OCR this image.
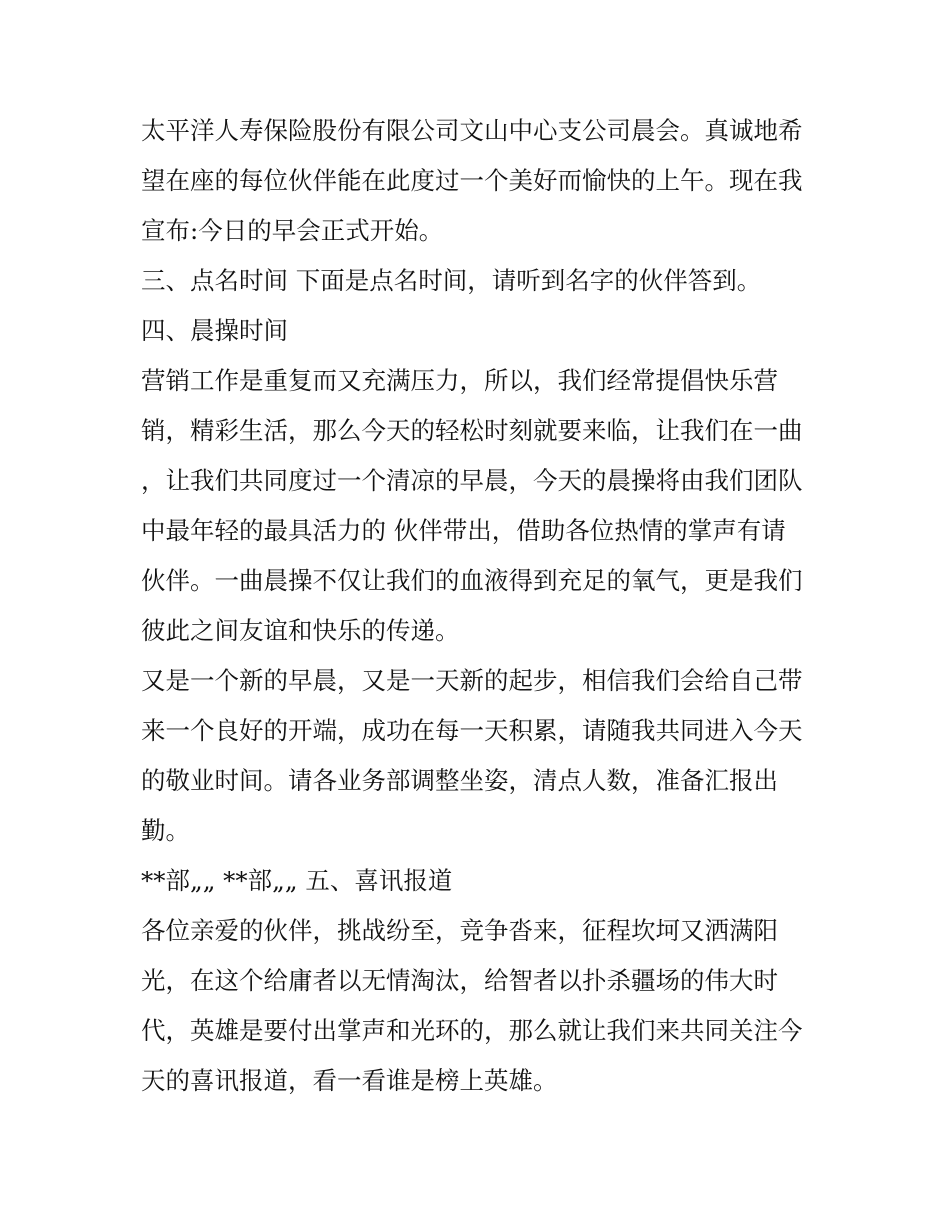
太平洋人寿保险股份有限公司文山中心支公司晨会。真诚地希
望在座的每位伙伴能在此度过一个美好而愉快的上午。现在我
宣布:今日的早会正式开始。
三、点名时间 下面是点名时间，请听到名字的伙伴答到。
四、晨操时间
营销工作是重复而又充满压力，所以，我们经常提倡快乐营
销，精彩生活，那么今天的轻松时刻就要来临，让我们在一曲
，让我们共同度过一个清凉的早晨，今天的晨操将由我们团队
中最年轻的最具活力的 伙伴带出，借助各位热情的掌声有请
伙伴。一曲晨操不仅让我们的血液得到充足的氧气，更是我们
彼此之间友谊和快乐的传递。
又是一个新的早晨，又是一天新的起步，相信我们会给自己带
来一个良好的开端，成功在每一天积累，请随我共同进入今天
的敬业时间。请各业务部调整坐姿，清点人数，准备汇报出
勤。
**部„„ **部„„ 五、喜讯报道
各位亲爱的伙伴，挑战纷至，竞争沓来，征程坎坷又洒满阳
光，在这个给庸者以无情淘汰，给智者以扑杀疆场的伟大时
代，英雄是要付出掌声和光环的，那么就让我们来共同关注今
天的喜讯报道，看一看谁是榜上英雄。
